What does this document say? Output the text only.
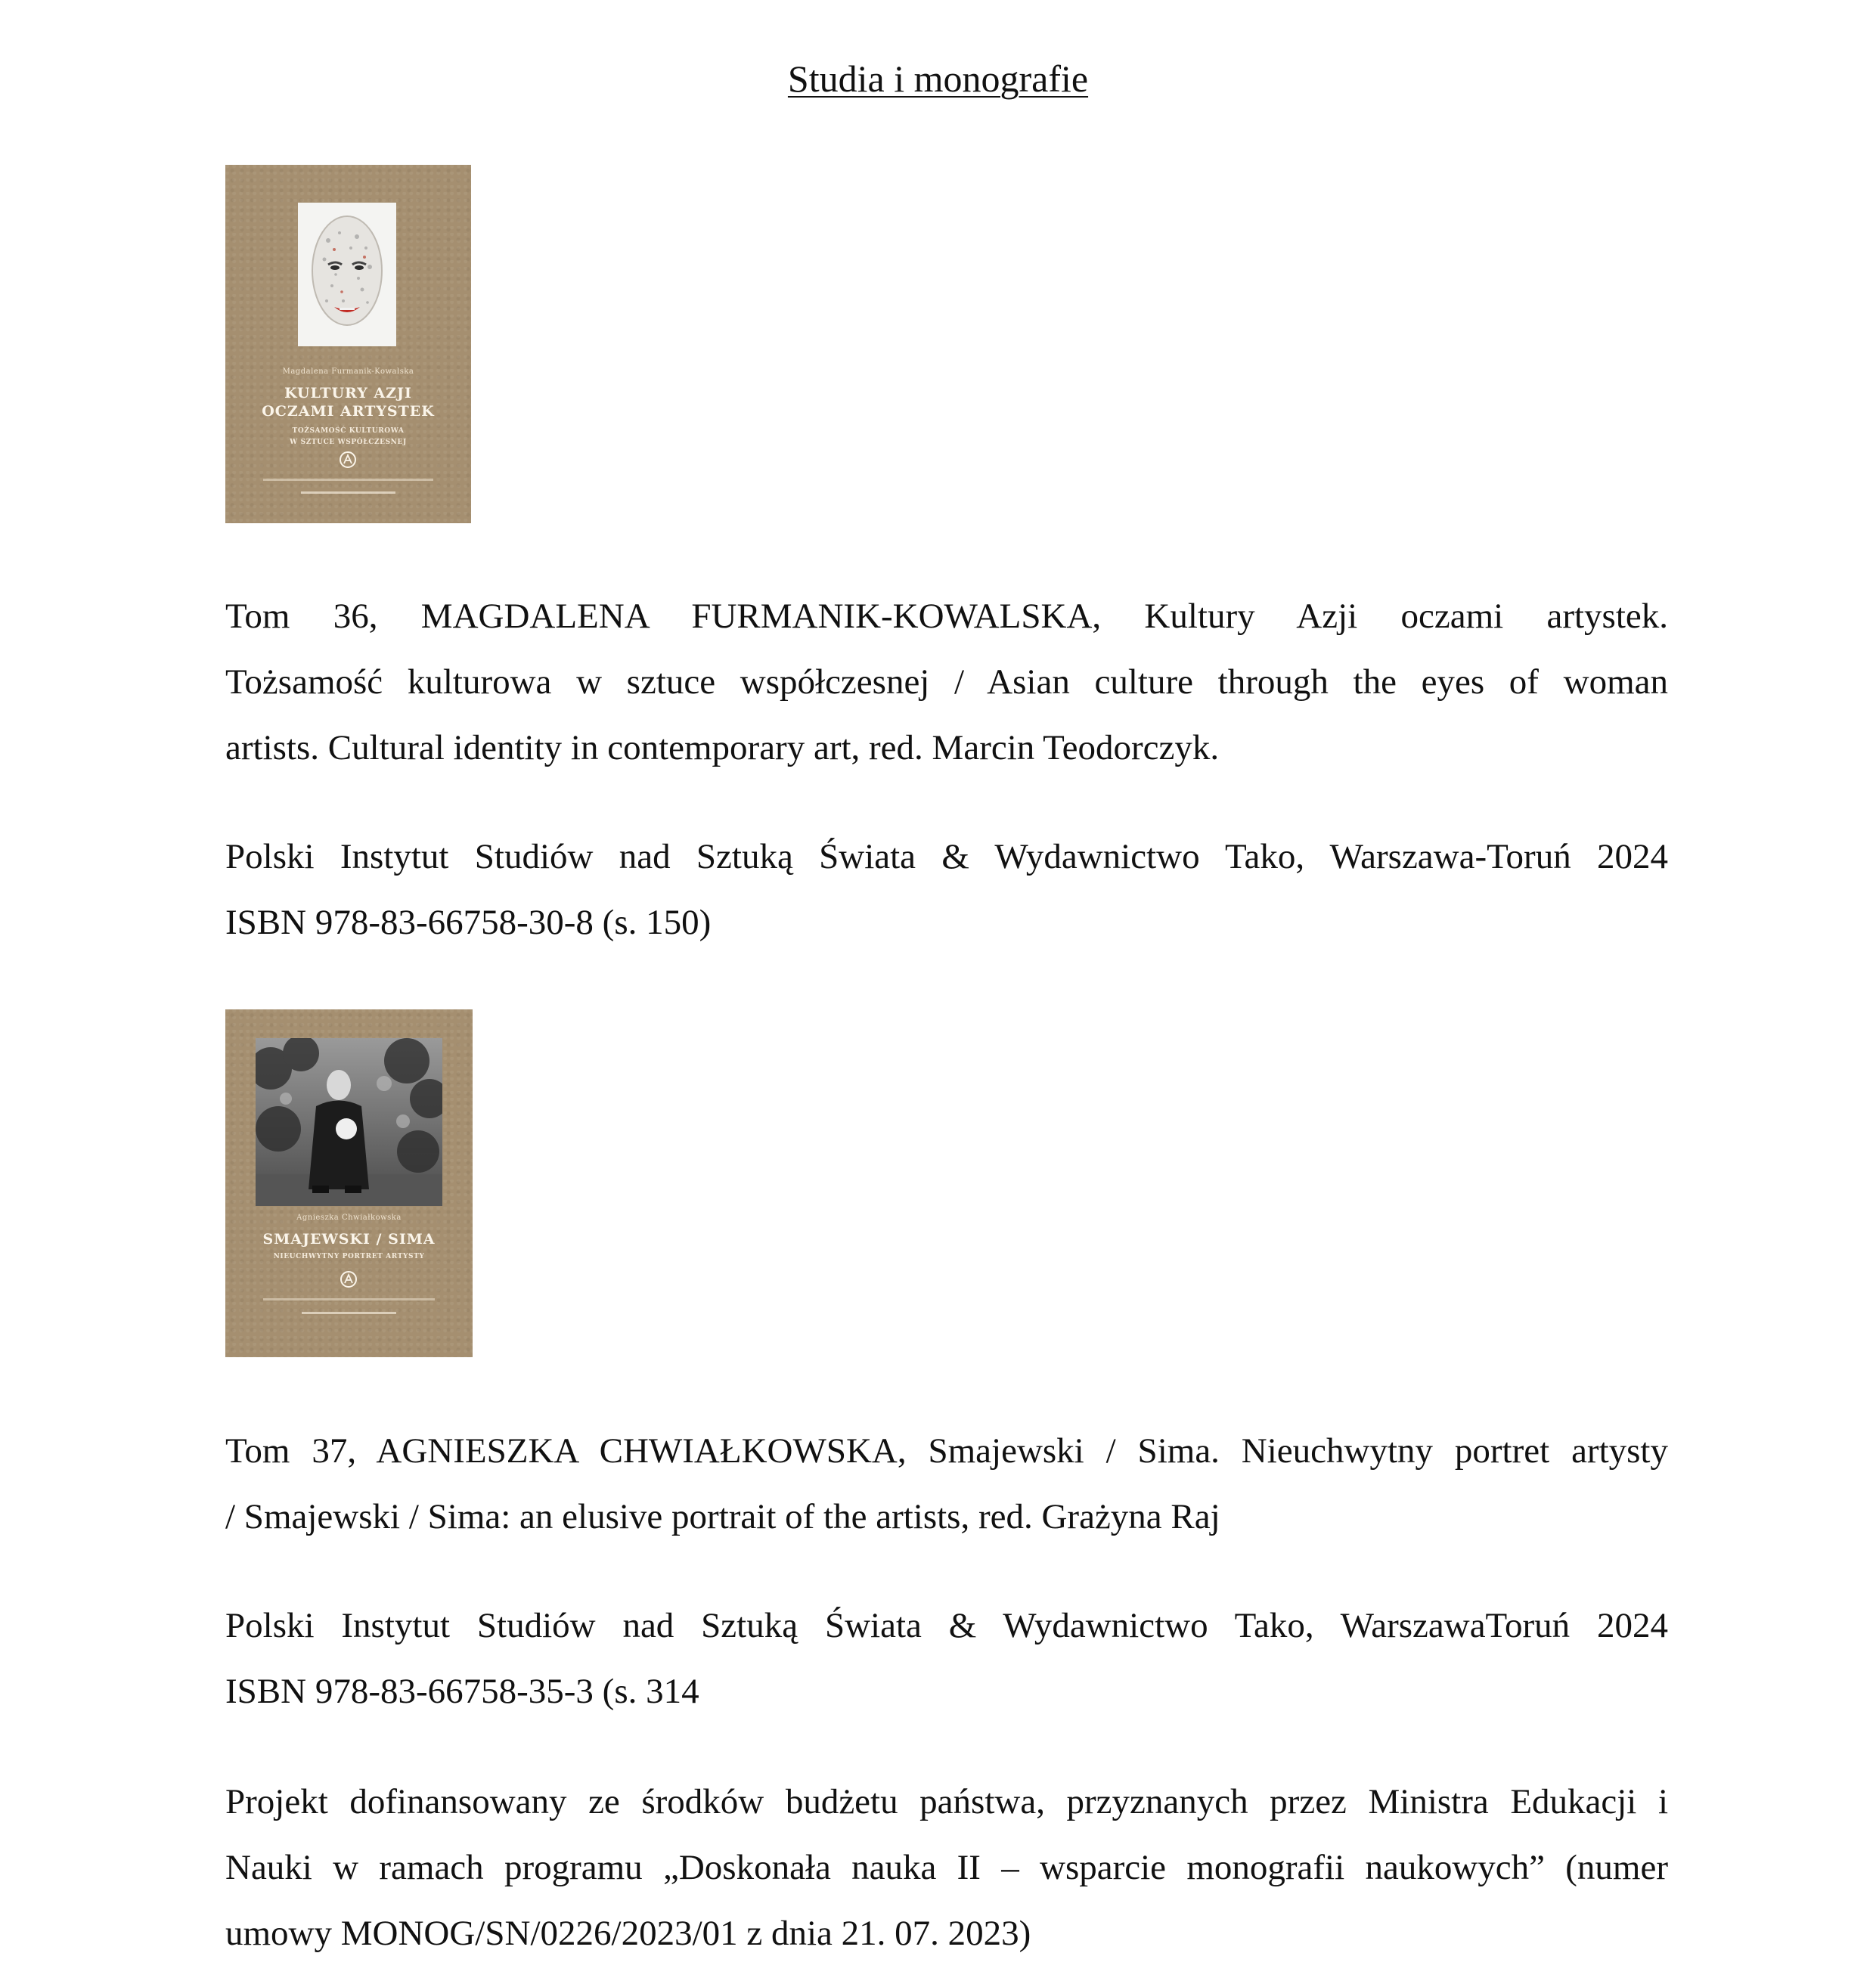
Studia i monografie
Magdalena Furmanik-Kowalska
KULTURY AZJI
OCZAMI ARTYSTEK
TOŻSAMOŚĆ KULTUROWA
W SZTUCE WSPÓŁCZESNEJ

Tom 36, MAGDALENA FURMANIK-KOWALSKA, Kultury Azji oczami artystek.
Tożsamość kulturowa w sztuce współczesnej / Asian culture through the eyes of woman
artists. Cultural identity in contemporary art, red. Marcin Teodorczyk.

Polski Instytut Studiów nad Sztuką Świata & Wydawnictwo Tako, Warszawa-Toruń 2024
ISBN 978-83-66758-30-8 (s. 150)

Agnieszka Chwiałkowska
SMAJEWSKI / SIMA
NIEUCHWYTNY PORTRET ARTYSTY

Tom 37, AGNIESZKA CHWIAŁKOWSKA, Smajewski / Sima. Nieuchwytny portret artysty
/ Smajewski / Sima: an elusive portrait of the artists, red. Grażyna Raj

Polski Instytut Studiów nad Sztuką Świata & Wydawnictwo Tako, WarszawaToruń 2024
ISBN 978-83-66758-35-3 (s. 314

Projekt dofinansowany ze środków budżetu państwa, przyznanych przez Ministra Edukacji i
Nauki w ramach programu „Doskonała nauka II – wsparcie monografii naukowych” (numer
umowy MONOG/SN/0226/2023/01 z dnia 21. 07. 2023)
